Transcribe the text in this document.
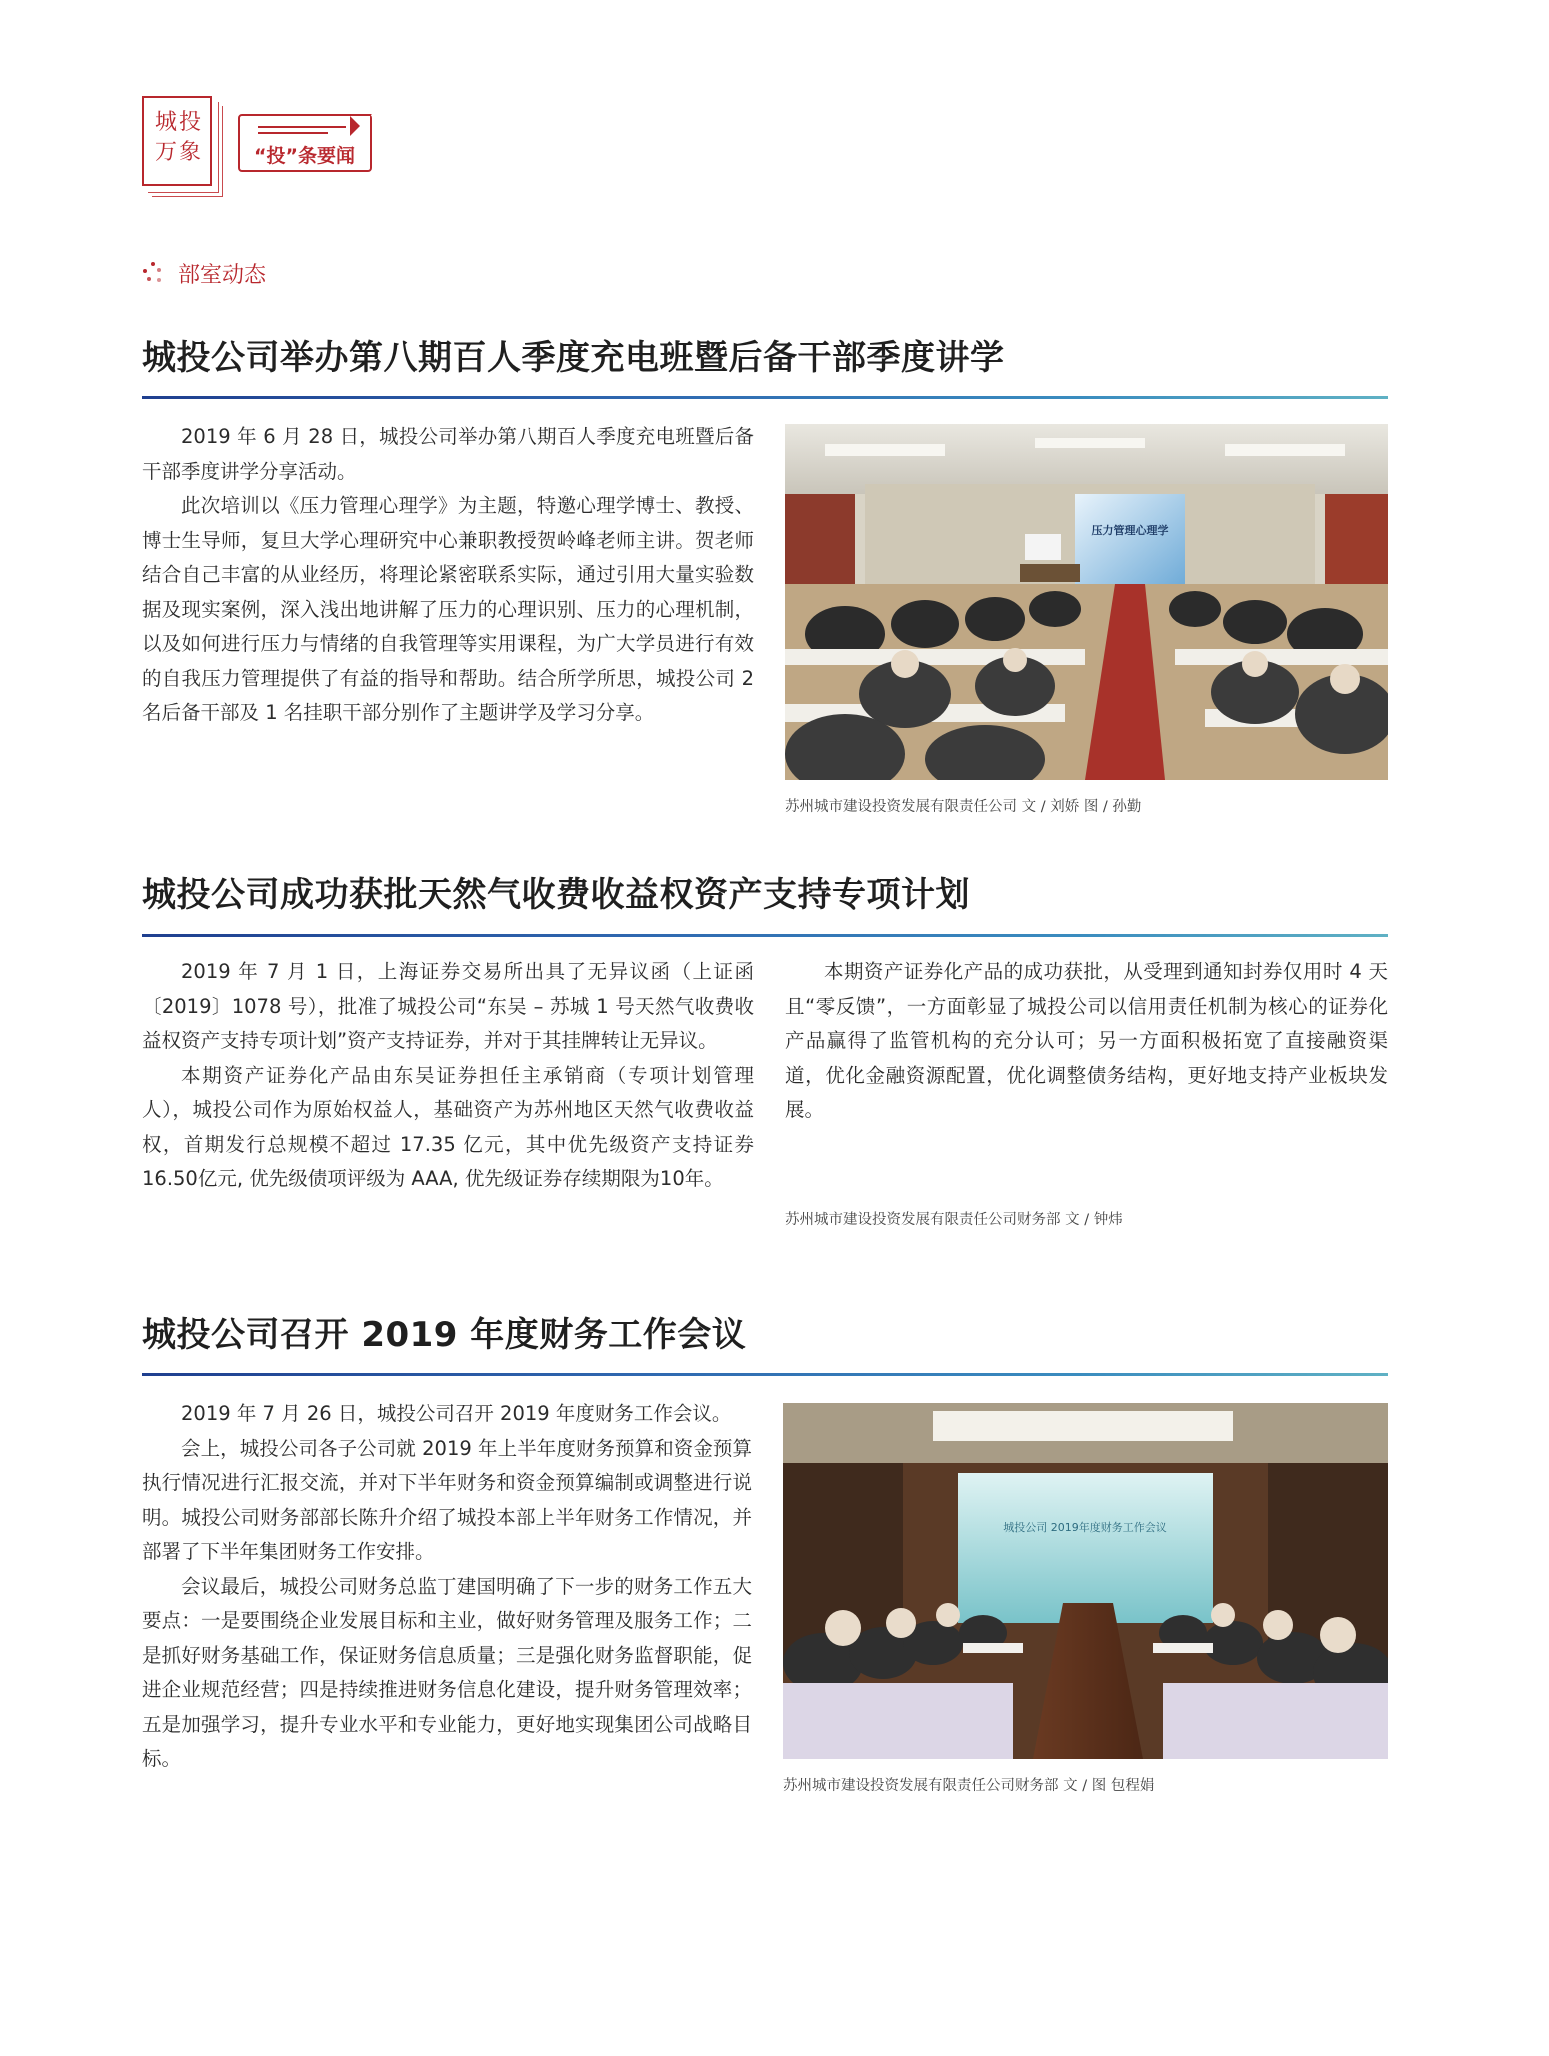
城投万象	“投”条要闻
部室动态
城投公司举办第八期百人季度充电班暨后备干部季度讲学

2019 年 6 月 28 日，城投公司举办第八期百人季度充电班暨后备干部季度讲学分享活动。

此次培训以《压力管理心理学》为主题，特邀心理学博士、教授、博士生导师，复旦大学心理研究中心兼职教授贺岭峰老师主讲。贺老师结合自己丰富的从业经历，将理论紧密联系实际，通过引用大量实验数据及现实案例，深入浅出地讲解了压力的心理识别、压力的心理机制，以及如何进行压力与情绪的自我管理等实用课程，为广大学员进行有效的自我压力管理提供了有益的指导和帮助。结合所学所思，城投公司 2 名后备干部及 1 名挂职干部分别作了主题讲学及学习分享。

压力管理心理学
苏州城市建设投资发展有限责任公司 文 / 刘娇 图 / 孙勤
城投公司成功获批天然气收费收益权资产支持专项计划

2019 年 7 月 1 日，上海证券交易所出具了无异议函（上证函〔2019〕1078 号），批准了城投公司“东吴 – 苏城 1 号天然气收费收益权资产支持专项计划”资产支持证券，并对于其挂牌转让无异议。

本期资产证券化产品由东吴证券担任主承销商（专项计划管理人），城投公司作为原始权益人，基础资产为苏州地区天然气收费收益权，首期发行总规模不超过 17.35 亿元，其中优先级资产支持证券 16.50亿元, 优先级债项评级为 AAA, 优先级证券存续期限为10年。

本期资产证券化产品的成功获批，从受理到通知封券仅用时 4 天且“零反馈”，一方面彰显了城投公司以信用责任机制为核心的证券化产品赢得了监管机构的充分认可；另一方面积极拓宽了直接融资渠道，优化金融资源配置，优化调整债务结构，更好地支持产业板块发展。

苏州城市建设投资发展有限责任公司财务部 文 / 钟炜
城投公司召开 2019 年度财务工作会议

2019 年 7 月 26 日，城投公司召开 2019 年度财务工作会议。

会上，城投公司各子公司就 2019 年上半年度财务预算和资金预算执行情况进行汇报交流，并对下半年财务和资金预算编制或调整进行说明。城投公司财务部部长陈升介绍了城投本部上半年财务工作情况，并部署了下半年集团财务工作安排。

会议最后，城投公司财务总监丁建国明确了下一步的财务工作五大要点：一是要围绕企业发展目标和主业，做好财务管理及服务工作；二是抓好财务基础工作，保证财务信息质量；三是强化财务监督职能，促进企业规范经营；四是持续推进财务信息化建设，提升财务管理效率；五是加强学习，提升专业水平和专业能力，更好地实现集团公司战略目标。

城投公司 2019年度财务工作会议
苏州城市建设投资发展有限责任公司财务部 文 / 图 包程娟
